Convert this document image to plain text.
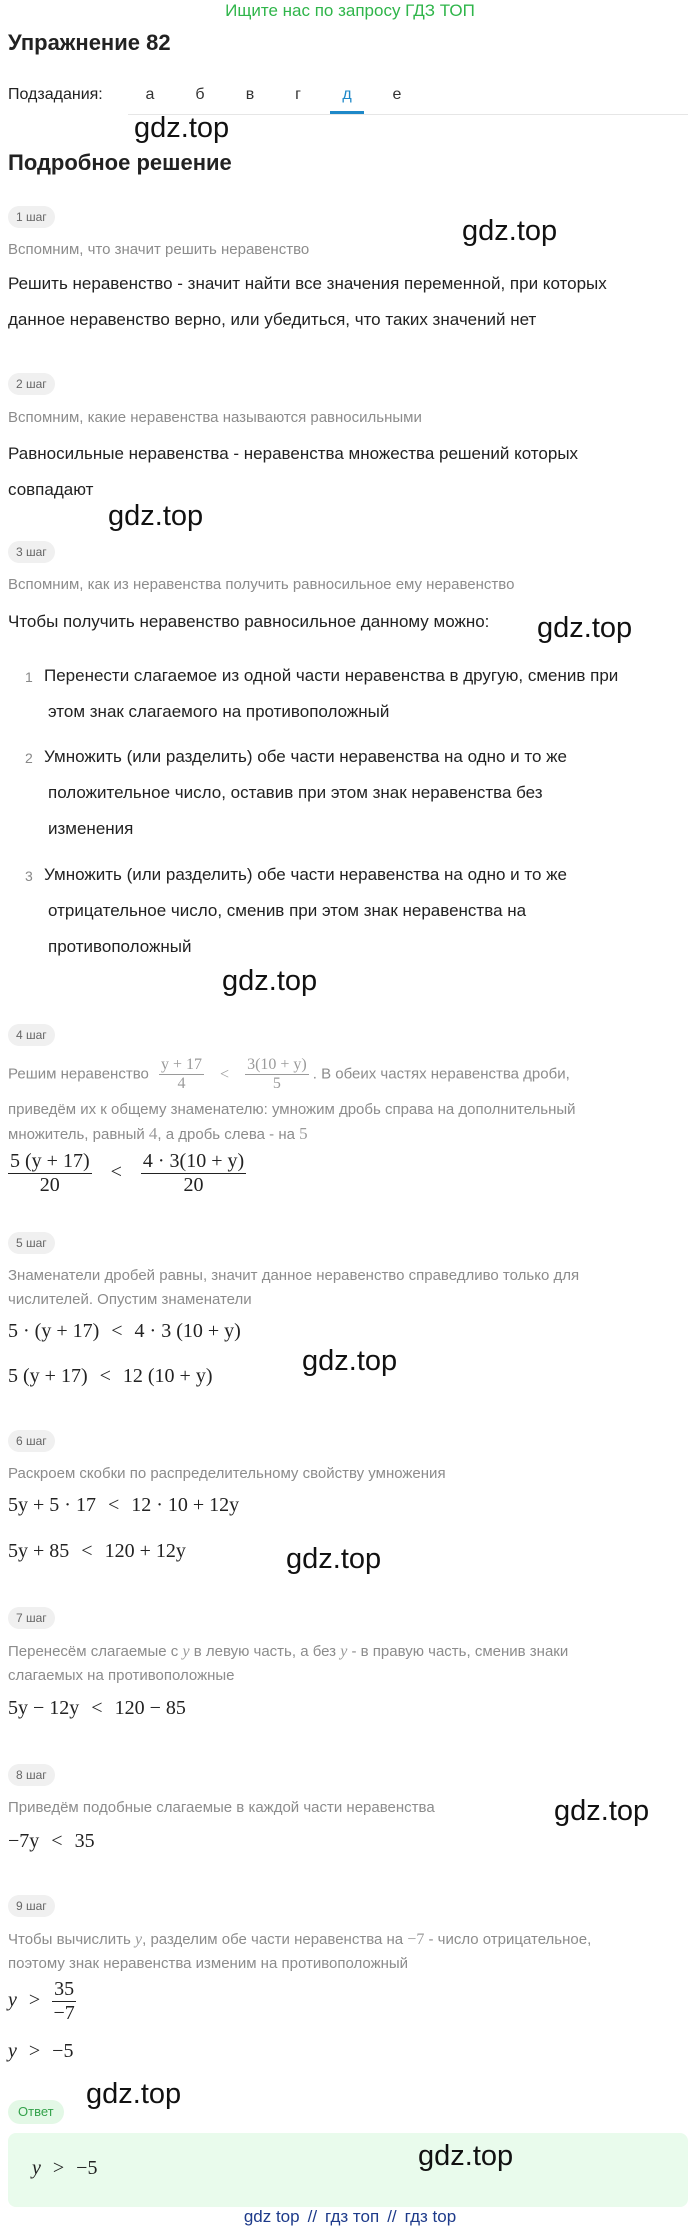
Ищите нас по запросу ГДЗ ТОП
Упражнение 82
Подзадания:	а	б	в	г	д	е
gdz.top
Подробное решение
1 шаг	gdz.top
Вспомним, что значит решить неравенство
Решить неравенство - значит найти все значения переменной, при которых
данное неравенство верно, или убедиться, что таких значений нет
2 шаг
Вспомним, какие неравенства называются равносильными
Равносильные неравенства - неравенства множества решений которых
совпадают
gdz.top
3 шаг
Вспомним, как из неравенства получить равносильное ему неравенство
Чтобы получить неравенство равносильное данному можно:	gdz.top
1 Перенести слагаемое из одной части неравенства в другую, сменив при
этом знак слагаемого на противоположный
2 Умножить (или разделить) обе части неравенства на одно и то же
положительное число, оставив при этом знак неравенства без
изменения
3 Умножить (или разделить) обе части неравенства на одно и то же
отрицательное число, сменив при этом знак неравенства на
противоположный
gdz.top
4 шаг
Решим неравенство $\frac{y + 17}{4} < \frac{3(10 + y)}{5}$ . В обеих частях неравенства дроби,
приведём их к общему знаменателю: умножим дробь справа на дополнительный
множитель, равный 4, а дробь слева - на 5
$\frac{5 (y + 17)}{20} < \frac{4 \cdot 3(10 + y)}{20}$
5 шаг
Знаменатели дробей равны, значит данное неравенство справедливо только для
числителей. Опустим знаменатели
5 · (y + 17) < 4 · 3 (10 + y)
gdz.top
5 (y + 17) < 12 (10 + y)
6 шаг
Раскроем скобки по распределительному свойству умножения
5y + 5 · 17 < 12 · 10 + 12y
5y + 85 < 120 + 12y	gdz.top
7 шаг
Перенесём слагаемые с y в левую часть, а без y - в правую часть, сменив знаки
слагаемых на противоположные
5y − 12y < 120 − 85
8 шаг
Приведём подобные слагаемые в каждой части неравенства	gdz.top
−7y < 35
9 шаг
Чтобы вычислить y, разделим обе части неравенства на −7 - число отрицательное,
поэтому знак неравенства изменим на противоположный
$y > \frac{35}{-7}$
y > −5
Ответ
gdz.top
y > −5	gdz.top
gdz top // гдз топ // гдз top
